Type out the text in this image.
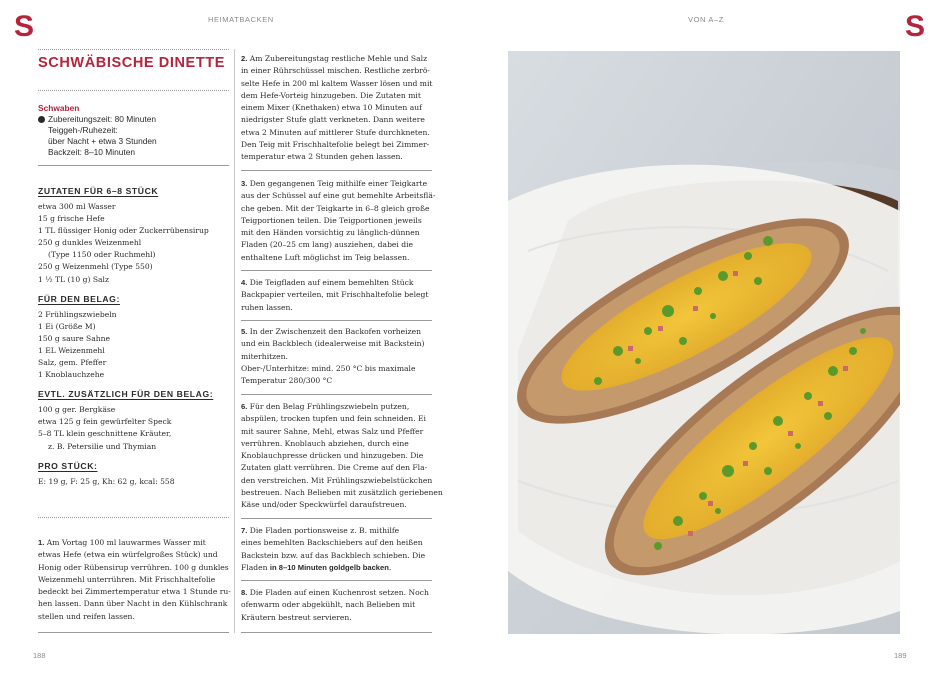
S	S
HEIMATBACKEN	VON A–Z
SCHWÄBISCHE DINETTE
Schwaben
Zubereitungszeit: 80 Minuten
Teiggeh-/Ruhezeit:
über Nacht + etwa 3 Stunden
Backzeit: 8–10 Minuten
ZUTATEN FÜR 6–8 STÜCK
etwa 300 ml Wasser
15 g frische Hefe
1 TL flüssiger Honig oder Zuckerrübensirup
250 g dunkles Weizenmehl
(Type 1150 oder Ruchmehl)
250 g Weizenmehl (Type 550)
1 ½ TL (10 g) Salz
FÜR DEN BELAG:
2 Frühlingszwiebeln
1 Ei (Größe M)
150 g saure Sahne
1 EL Weizenmehl
Salz, gem. Pfeffer
1 Knoblauchzehe
EVTL. ZUSÄTZLICH FÜR DEN BELAG:
100 g ger. Bergkäse
etwa 125 g fein gewürfelter Speck
5–8 TL klein geschnittene Kräuter,
z. B. Petersilie und Thymian
PRO STÜCK:
E: 19 g, F: 25 g, Kh: 62 g, kcal: 558
1. Am Vortag 100 ml lauwarmes Wasser mit
etwas Hefe (etwa ein würfelgroßes Stück) und
Honig oder Rübensirup verrühren. 100 g dunkles
Weizenmehl unterrühren. Mit Frischhaltefolie
bedeckt bei Zimmertemperatur etwa 1 Stunde ru-
hen lassen. Dann über Nacht in den Kühlschrank
stellen und reifen lassen.
2. Am Zubereitungstag restliche Mehle und Salz
in einer Rührschüssel mischen. Restliche zerbrö-
selte Hefe in 200 ml kaltem Wasser lösen und mit
dem Hefe-Vorteig hinzugeben. Die Zutaten mit
einem Mixer (Knethaken) etwa 10 Minuten auf
niedrigster Stufe glatt verkneten. Dann weitere
etwa 2 Minuten auf mittlerer Stufe durchkneten.
Den Teig mit Frischhaltefolie belegt bei Zimmer-
temperatur etwa 2 Stunden gehen lassen.
3. Den gegangenen Teig mithilfe einer Teigkarte
aus der Schüssel auf eine gut bemehlte Arbeitsflä-
che geben. Mit der Teigkarte in 6–8 gleich große
Teigportionen teilen. Die Teigportionen jeweils
mit den Händen vorsichtig zu länglich-dünnen
Fladen (20–25 cm lang) ausziehen, dabei die
enthaltene Luft möglichst im Teig belassen.
4. Die Teigfladen auf einem bemehlten Stück
Backpapier verteilen, mit Frischhaltefolie belegt
ruhen lassen.
5. In der Zwischenzeit den Backofen vorheizen
und ein Backblech (idealerweise mit Backstein)
miterhitzen.
Ober-/Unterhitze: mind. 250 °C bis maximale
Temperatur 280/300 °C
6. Für den Belag Frühlingszwiebeln putzen,
abspülen, trocken tupfen und fein schneiden. Ei
mit saurer Sahne, Mehl, etwas Salz und Pfeffer
verrühren. Knoblauch abziehen, durch eine
Knoblauchpresse drücken und hinzugeben. Die
Zutaten glatt verrühren. Die Creme auf den Fla-
den verstreichen. Mit Frühlingszwiebelstückchen
bestreuen. Nach Belieben mit zusätzlich geriebenen
Käse und/oder Speckwürfel daraufstreuen.
7. Die Fladen portionsweise z. B. mithilfe
eines bemehlten Backschiebers auf den heißen
Backstein bzw. auf das Backblech schieben. Die
Fladen in 8–10 Minuten goldgelb backen.
8. Die Fladen auf einen Kuchenrost setzen. Noch
ofenwarm oder abgekühlt, nach Belieben mit
Kräutern bestreut servieren.
188	189
